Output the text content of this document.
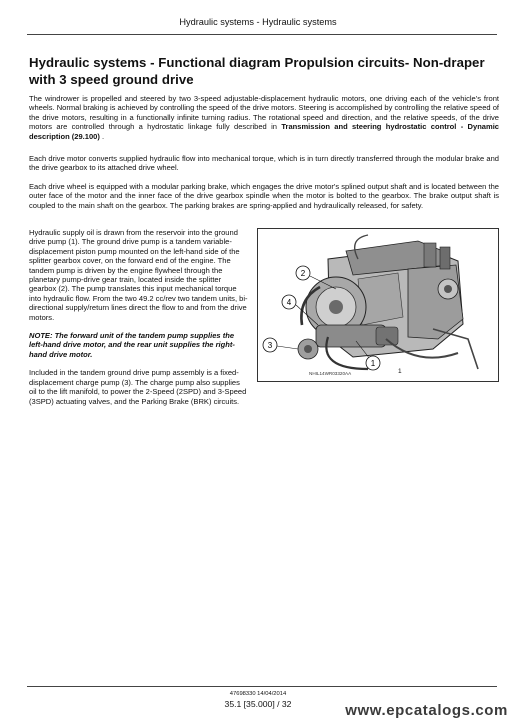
Hydraulic systems - Hydraulic systems
Hydraulic systems - Functional diagram Propulsion circuits- Non-draper with 3 speed ground drive

The windrower is propelled and steered by two 3-speed adjustable-displacement hydraulic motors, one driving each of the vehicle's front wheels. Normal braking is achieved by controlling the speed of the drive motors. Steering is accomplished by controlling the relative speed of the drive motors, resulting in a functionally infinite turning radius. The rotational speed and direction, and the relative speeds, of the drive motors are controlled through a hydrostatic linkage fully described in Transmission and steering hydrostatic control - Dynamic description (29.100) .

Each drive motor converts supplied hydraulic flow into mechanical torque, which is in turn directly transferred through the modular brake and the drive gearbox to its attached drive wheel.

Each drive wheel is equipped with a modular parking brake, which engages the drive motor's splined output shaft and is located between the outer face of the motor and the inner face of the drive gearbox spindle when the motor is bolted to the gearbox. The brake output shaft is coupled to the main shaft on the gearbox. The parking brakes are spring-applied and hydraulically released, for safety.

Hydraulic supply oil is drawn from the reservoir into the ground drive pump (1). The ground drive pump is a tandem variable-displacement piston pump mounted on the left-hand side of the splitter gearbox cover, on the forward end of the engine. The tandem pump is driven by the engine flywheel through the planetary pump-drive gear train, located inside the splitter gearbox (2). The pump translates this input mechanical torque into hydraulic flow. From the two 49.2 cc/rev two tandem units, bi-directional supply/return lines direct the flow to and from the drive motors.

NOTE: The forward unit of the tandem pump supplies the left-hand drive motor, and the rear unit supplies the right-hand drive motor.

Included in the tandem ground drive pump assembly is a fixed-displacement charge pump (3). The charge pump also supplies oil to the lift manifold, to power the 2-Speed (2SPD) and 3-Speed (3SPD) actuating valves, and the Parking Brake (BRK) circuits.

2
4
3
1
NHIL14WR03320AA	1
47698330 14/04/2014
35.1 [35.000] / 32	www.epcatalogs.com
